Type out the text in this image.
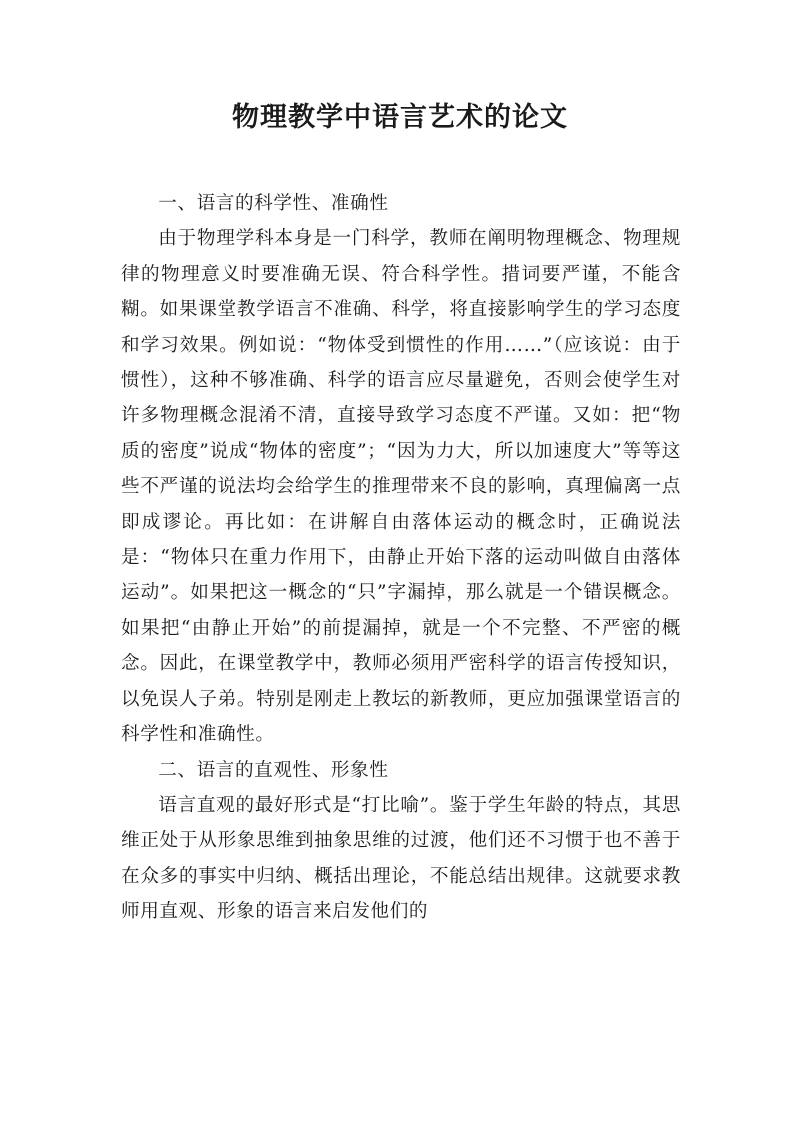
物理教学中语言艺术的论文

一、语言的科学性、准确性

由于物理学科本身是一门科学，教师在阐明物理概念、物理规律的物理意义时要准确无误、符合科学性。措词要严谨，不能含糊。如果课堂教学语言不准确、科学，将直接影响学生的学习态度和学习效果。例如说：“物体受到惯性的作用……”（应该说：由于惯性），这种不够准确、科学的语言应尽量避免，否则会使学生对许多物理概念混淆不清，直接导致学习态度不严谨。又如：把“物质的密度”说成“物体的密度”；“因为力大，所以加速度大”等等这些不严谨的说法均会给学生的推理带来不良的影响，真理偏离一点即成谬论。再比如：在讲解自由落体运动的概念时，正确说法是：“物体只在重力作用下，由静止开始下落的运动叫做自由落体运动”。如果把这一概念的“只”字漏掉，那么就是一个错误概念。如果把“由静止开始”的前提漏掉，就是一个不完整、不严密的概念。因此，在课堂教学中，教师必须用严密科学的语言传授知识，以免误人子弟。特别是刚走上教坛的新教师，更应加强课堂语言的科学性和准确性。

二、语言的直观性、形象性

语言直观的最好形式是“打比喻”。鉴于学生年龄的特点，其思维正处于从形象思维到抽象思维的过渡，他们还不习惯于也不善于在众多的事实中归纳、概括出理论，不能总结出规律。这就要求教师用直观、形象的语言来启发他们的
